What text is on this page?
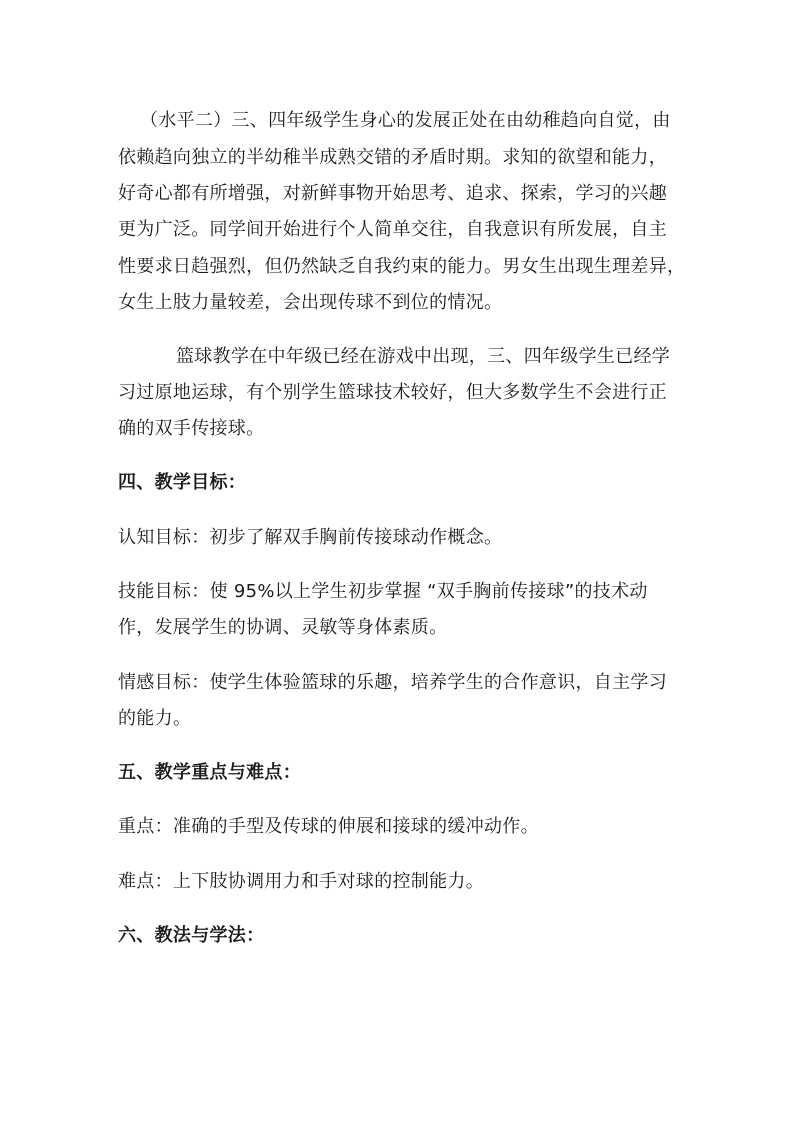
（水平二）三、四年级学生身心的发展正处在由幼稚趋向自觉，由
依赖趋向独立的半幼稚半成熟交错的矛盾时期。求知的欲望和能力，
好奇心都有所增强，对新鲜事物开始思考、追求、探索，学习的兴趣
更为广泛。同学间开始进行个人简单交往，自我意识有所发展，自主
性要求日趋强烈，但仍然缺乏自我约束的能力。男女生出现生理差异，
女生上肢力量较差，会出现传球不到位的情况。
篮球教学在中年级已经在游戏中出现，三、四年级学生已经学
习过原地运球，有个别学生篮球技术较好，但大多数学生不会进行正
确的双手传接球。
四、教学目标：
认知目标：初步了解双手胸前传接球动作概念。
技能目标：使 95%以上学生初步掌握 “双手胸前传接球”的技术动
作，发展学生的协调、灵敏等身体素质。
情感目标：使学生体验篮球的乐趣，培养学生的合作意识，自主学习
的能力。
五、教学重点与难点：
重点：准确的手型及传球的伸展和接球的缓冲动作。
难点：上下肢协调用力和手对球的控制能力。
六、教法与学法：
